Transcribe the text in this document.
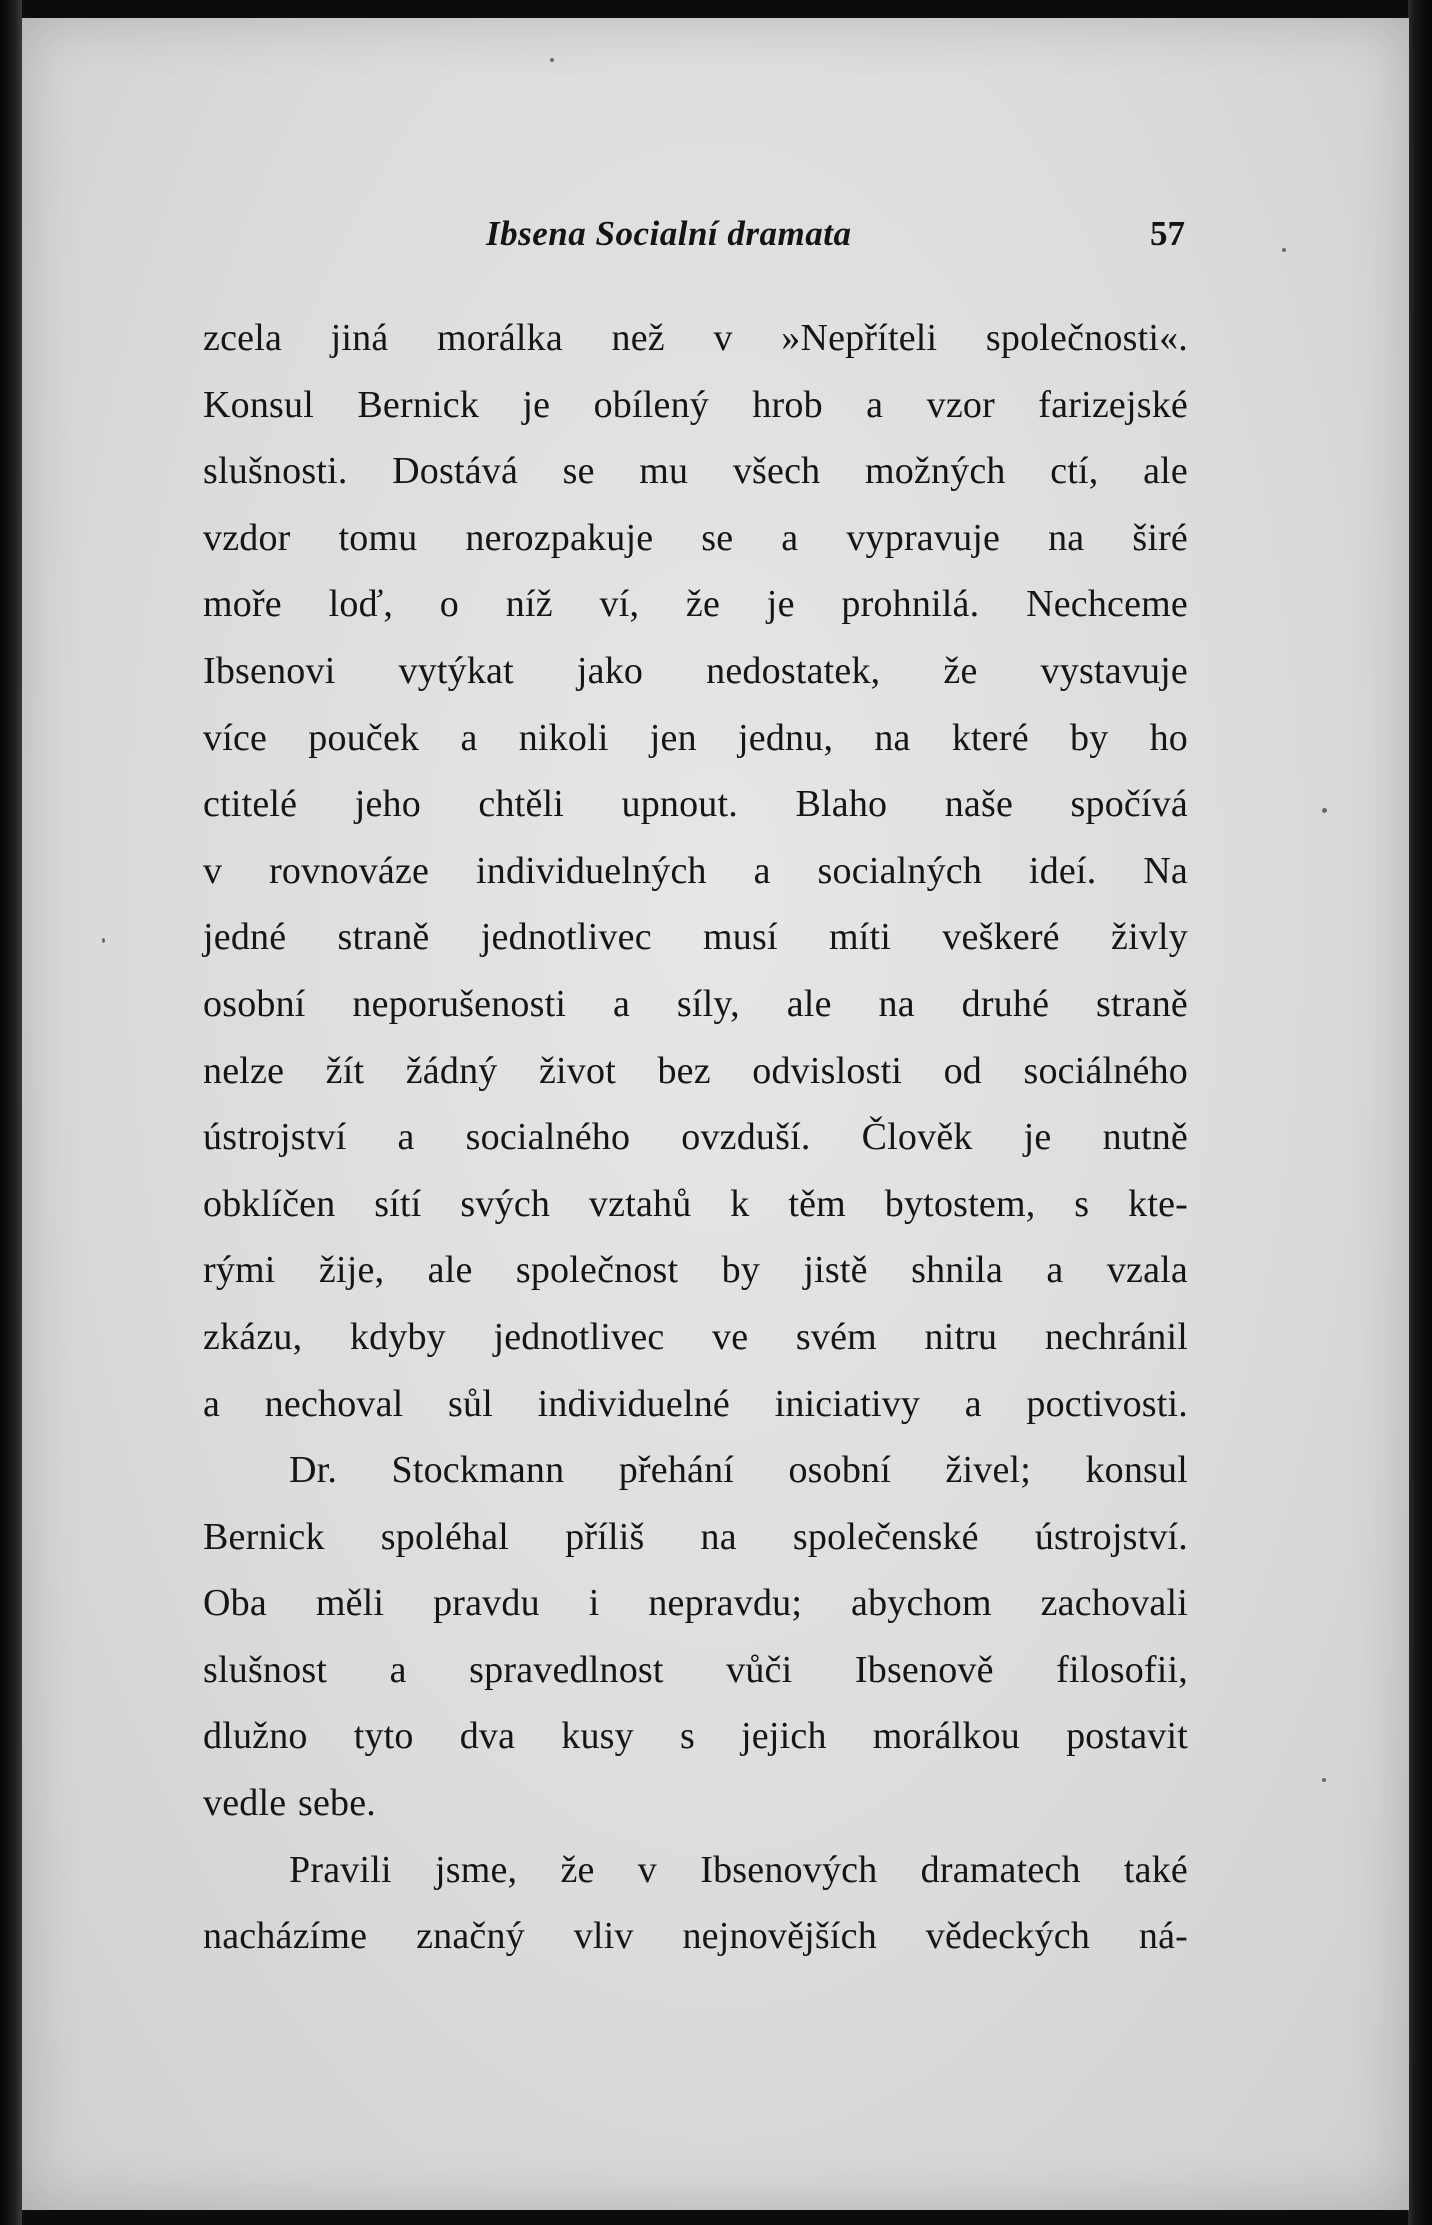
Ibsena Socialní dramata	57
zcela jiná morálka než v »Nepříteli společnosti«.
Konsul Bernick je obílený hrob a vzor farizejské
slušnosti. Dostává se mu všech možných ctí, ale
vzdor tomu nerozpakuje se a vypravuje na širé
moře loď, o níž ví, že je prohnilá. Nechceme
Ibsenovi vytýkat jako nedostatek, že vystavuje
více pouček a nikoli jen jednu, na které by ho
ctitelé jeho chtěli upnout. Blaho naše spočívá
v rovnováze individuelných a socialných ideí. Na
jedné straně jednotlivec musí míti veškeré živly
osobní neporušenosti a síly, ale na druhé straně
nelze žít žádný život bez odvislosti od sociálného
ústrojství a socialného ovzduší. Člověk je nutně
obklíčen sítí svých vztahů k těm bytostem, s kte-
rými žije, ale společnost by jistě shnila a vzala
zkázu, kdyby jednotlivec ve svém nitru nechránil
a nechoval sůl individuelné iniciativy a poctivosti.
Dr. Stockmann přehání osobní živel; konsul
Bernick spoléhal příliš na společenské ústrojství.
Oba měli pravdu i nepravdu; abychom zachovali
slušnost a spravedlnost vůči Ibsenově filosofii,
dlužno tyto dva kusy s jejich morálkou postavit
vedle sebe.
Pravili jsme, že v Ibsenových dramatech také
nacházíme značný vliv nejnovějších vědeckých ná-
